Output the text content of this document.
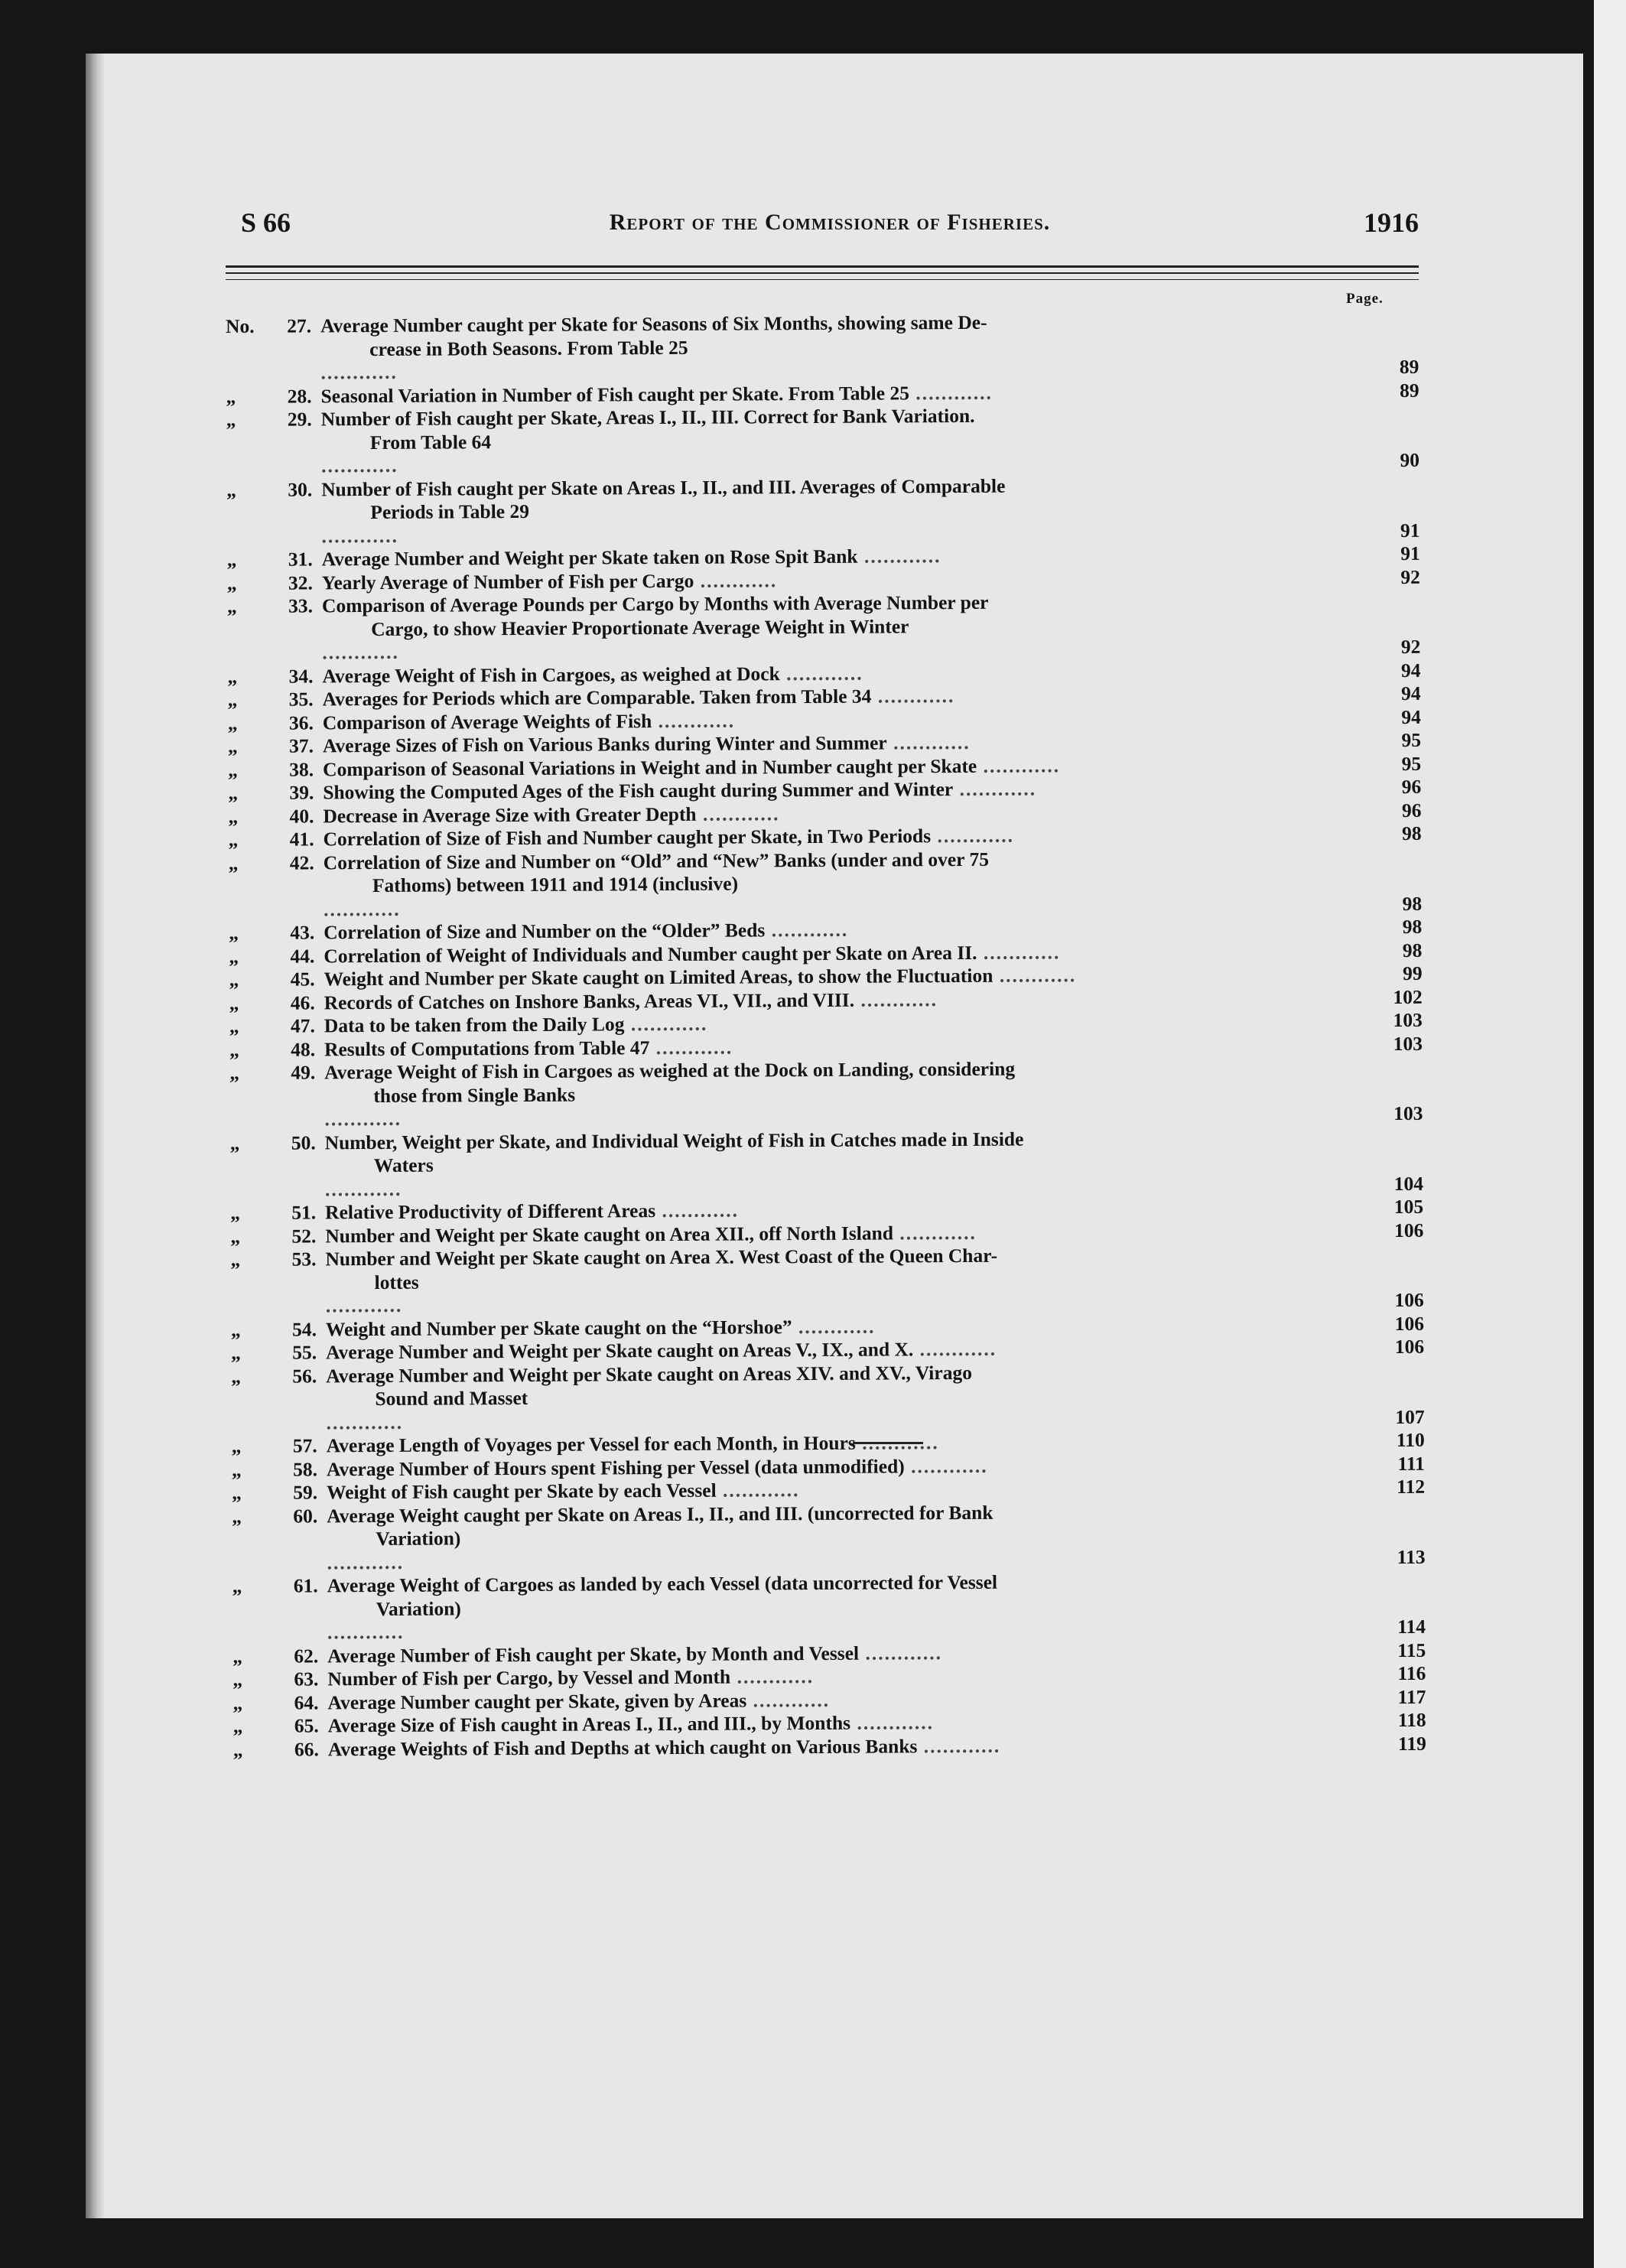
S 66	Report of the Commissioner of Fisheries.	1916
Page.
No.	27. Average Number caught per Skate for Seasons of Six Months, showing same De-

crease in Both Seasons. From Table 25
............	89
„	28. Seasonal Variation in Number of Fish caught per Skate. From Table 25 ............	89
„	29. Number of Fish caught per Skate, Areas I., II., III. Correct for Bank Variation.

From Table 64
............	90
„	30. Number of Fish caught per Skate on Areas I., II., and III. Averages of Comparable

Periods in Table 29
............	91
„	31. Average Number and Weight per Skate taken on Rose Spit Bank ............	91
„	32. Yearly Average of Number of Fish per Cargo ............	92
„	33. Comparison of Average Pounds per Cargo by Months with Average Number per

Cargo, to show Heavier Proportionate Average Weight in Winter
............	92
„	34. Average Weight of Fish in Cargoes, as weighed at Dock ............	94
„	35. Averages for Periods which are Comparable. Taken from Table 34 ............	94
„	36. Comparison of Average Weights of Fish ............	94
„	37. Average Sizes of Fish on Various Banks during Winter and Summer ............	95
„	38. Comparison of Seasonal Variations in Weight and in Number caught per Skate ............	95
„	39. Showing the Computed Ages of the Fish caught during Summer and Winter ............	96
„	40. Decrease in Average Size with Greater Depth ............	96
„	41. Correlation of Size of Fish and Number caught per Skate, in Two Periods ............	98
„	42. Correlation of Size and Number on “Old” and “New” Banks (under and over 75

Fathoms) between 1911 and 1914 (inclusive)
............	98
„	43. Correlation of Size and Number on the “Older” Beds ............	98
„	44. Correlation of Weight of Individuals and Number caught per Skate on Area II. ............	98
„	45. Weight and Number per Skate caught on Limited Areas, to show the Fluctuation ............	99
„	46. Records of Catches on Inshore Banks, Areas VI., VII., and VIII. ............	102
„	47. Data to be taken from the Daily Log ............	103
„	48. Results of Computations from Table 47 ............	103
„	49. Average Weight of Fish in Cargoes as weighed at the Dock on Landing, considering

those from Single Banks
............	103
„	50. Number, Weight per Skate, and Individual Weight of Fish in Catches made in Inside

Waters
............	104
„	51. Relative Productivity of Different Areas ............	105
„	52. Number and Weight per Skate caught on Area XII., off North Island ............	106
„	53. Number and Weight per Skate caught on Area X. West Coast of the Queen Char-

lottes
............	106
„	54. Weight and Number per Skate caught on the “Horshoe” ............	106
„	55. Average Number and Weight per Skate caught on Areas V., IX., and X. ............	106
„	56. Average Number and Weight per Skate caught on Areas XIV. and XV., Virago

Sound and Masset
............	107
„	57. Average Length of Voyages per Vessel for each Month, in Hours ............	110
„	58. Average Number of Hours spent Fishing per Vessel (data unmodified) ............	111
„	59. Weight of Fish caught per Skate by each Vessel ............	112
„	60. Average Weight caught per Skate on Areas I., II., and III. (uncorrected for Bank

Variation)
............	113
„	61. Average Weight of Cargoes as landed by each Vessel (data uncorrected for Vessel

Variation)
............	114
„	62. Average Number of Fish caught per Skate, by Month and Vessel ............	115
„	63. Number of Fish per Cargo, by Vessel and Month ............	116
„	64. Average Number caught per Skate, given by Areas ............	117
„	65. Average Size of Fish caught in Areas I., II., and III., by Months ............	118
„	66. Average Weights of Fish and Depths at which caught on Various Banks ............	119
